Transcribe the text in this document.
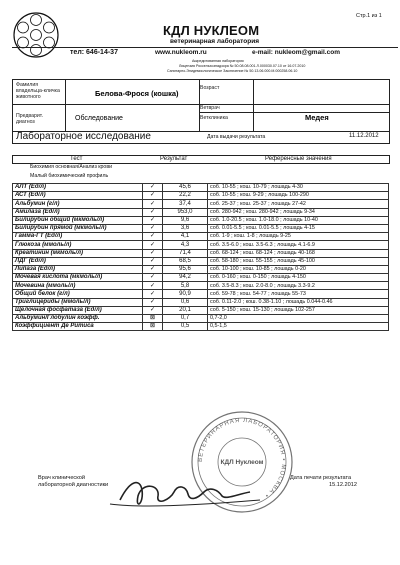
Стр.1 из 1
тел: 646-14-37
КДЛ НУКЛЕОМ
ветеринарная лаборатория
www.nukleom.ru	e-mail: nukleom@gmail.com
Аккредитованная лаборатория
Лицензия Россельхознадзора № 50.08.08.001.Л.000030.07.10 от 16.07.2010
Санитарно-Эпидемиологическое Заключение № 50.13.06.000.М.000258.06.10
Фамилия владельца-кличка животного	Белова-Фрося (кошка)
Возраст
Ветврач
Предварит. диагноз	Обследование	Ветклиника	Медея
Лабораторное исследование	Дата выдачи результата	11.12.2012
Тест	Результат	Референсные значения
Биохимия основная/Анализ крови
Малый биохимический профиль
АЛТ (Ед/л)	✓	45,6	соб. 10-55 ; кош. 10-79 ; лошадь 4-30
АСТ (Ед/л)	✓	22,2	соб. 10-55 ; кош. 9-29 ; лошадь 100-290
Альбумин (г/л)	✓	37,4	соб. 25-37 ; кош. 25-37 ; лошадь 27-42
Амилаза (Ед/л)	✓	953,0	соб. 280-942 ; кош. 280-942 ; лошадь 9-34
Билирубин общий (мкмоль/л)	✓	9,6	соб. 1.0-20.5 ; кош. 1.0-18.0 ; лошадь 10-40
Билирубин прямой (мкмоль/л)	✓	3,6	соб. 0.01-5.5 ; кош. 0.01-5.5 ; лошадь 4-15
Гамма-ГТ (Ед/л)	✓	4,1	соб. 1-9 ; кош. 1-8 ; лошадь 9-25
Глюкоза (ммоль/л)	✓	4,3	соб. 3.5-6.0 ; кош. 3.5-6.3 ; лошадь 4.1-6.9
Креатинин (мкмоль/л)	✓	71,4	соб. 68-124 ; кош. 68-124 ; лошадь 40-168
ЛДГ (Ед/л)	✓	68,5	соб. 58-180 ; кош. 55-155 ; лошадь 45-100
Липаза (Ед/л)	✓	95,6	соб. 10-100 ; кош. 10-85 ; лошадь 0-20
Мочевая кислота (мкмоль/л)	✓	94,2	соб. 0-160 ; кош. 0-150 ; лошадь 4-150
Мочевина (ммоль/л)	✓	5,8	соб. 3.5-8.3 ; кош. 2.0-8.0 ; лошадь 3.3-9.2
Общий белок (г/л)	✓	90,9	соб. 59-78 ; кош. 54-77 ; лошадь 55-73
Триглицериды (ммоль/л)	✓	0,6	соб. 0.11-2.0 ; кош. 0.38-1.10 ; лошадь 0.044-0.46
Щелочная фосфатаза (Ед/л)	✓	20,1	соб. 5-150 ; кош. 15-130 ; лошадь 102-257
Альбумин/Глобулин коэфф.	⊠	0,7	0,7-2,0
Коэффициент Де Ритиса	⊠	0,5	0,5-1,5
Врач клинической
лабораторной диагностики
Дата печати результата
15.12.2012
ВЕТЕРИНАРНАЯ ЛАБОРАТОРИЯ • МОСКВА •
КДЛ Нуклеом
